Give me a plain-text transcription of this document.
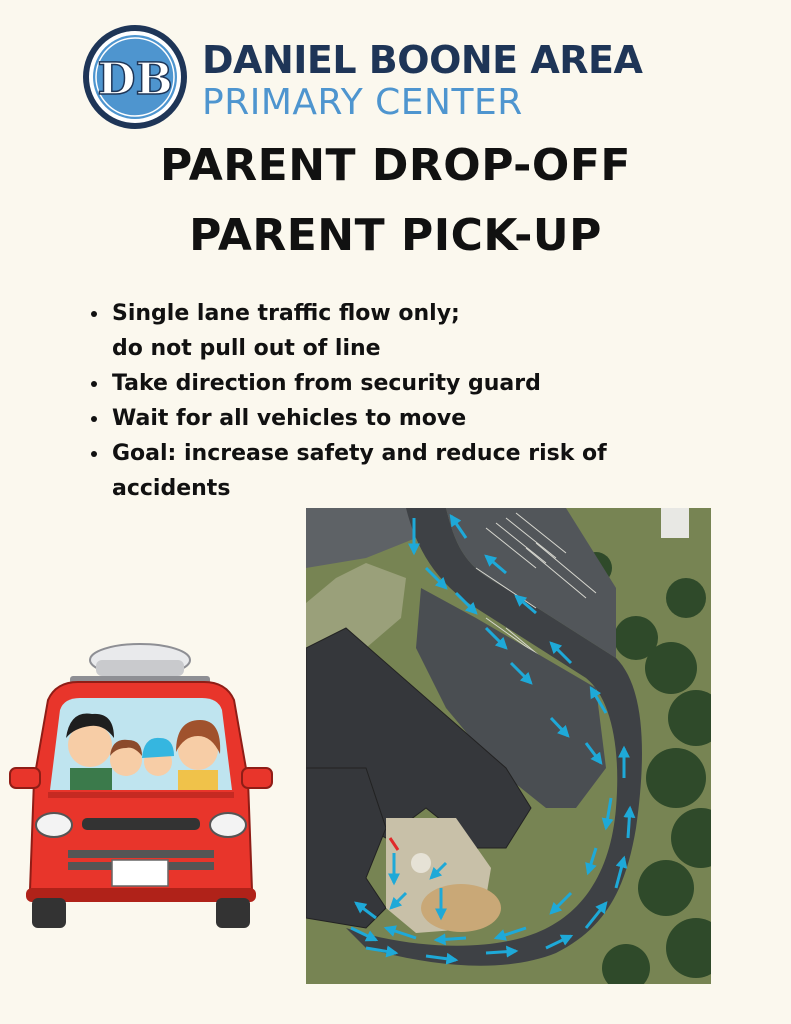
DB DANIEL BOONE AREA
PRIMARY CENTER
PARENT DROP-OFF
PARENT PICK-UP
• Single lane traffic flow only;
do not pull out of line
• Take direction from security guard
• Wait for all vehicles to move
• Goal: increase safety and reduce risk of
accidents
